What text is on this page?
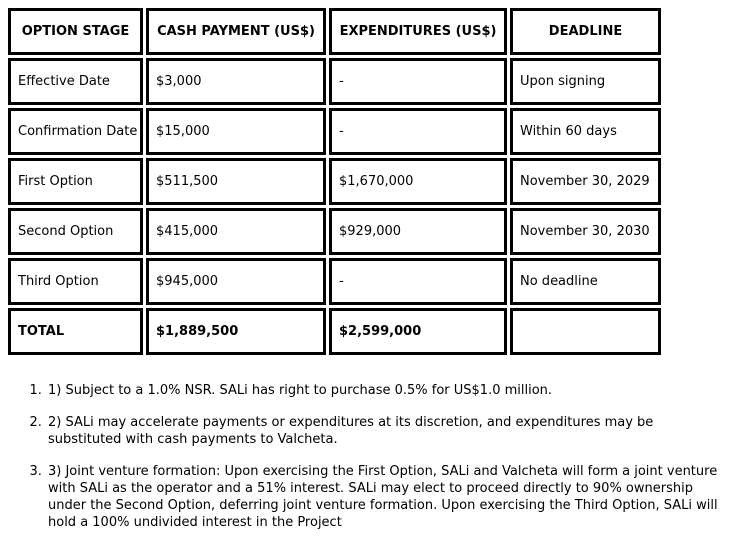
OPTION STAGE	CASH PAYMENT (US$)	EXPENDITURES (US$)	DEADLINE
Effective Date	$3,000	-	Upon signing
Confirmation Date	$15,000	-	Within 60 days
First Option	$511,500	$1,670,000	November 30, 2029
Second Option	$415,000	$929,000	November 30, 2030
Third Option	$945,000	-	No deadline
TOTAL	$1,889,500	$2,599,000
1. 1) Subject to a 1.0% NSR. SALi has right to purchase 0.5% for US$1.0 million.
2. 2) SALi may accelerate payments or expenditures at its discretion, and expenditures may be substituted with cash payments to Valcheta.
3. 3) Joint venture formation: Upon exercising the First Option, SALi and Valcheta will form a joint venture with SALi as the operator and a 51% interest. SALi may elect to proceed directly to 90% ownership under the Second Option, deferring joint venture formation. Upon exercising the Third Option, SALi will hold a 100% undivided interest in the Project
